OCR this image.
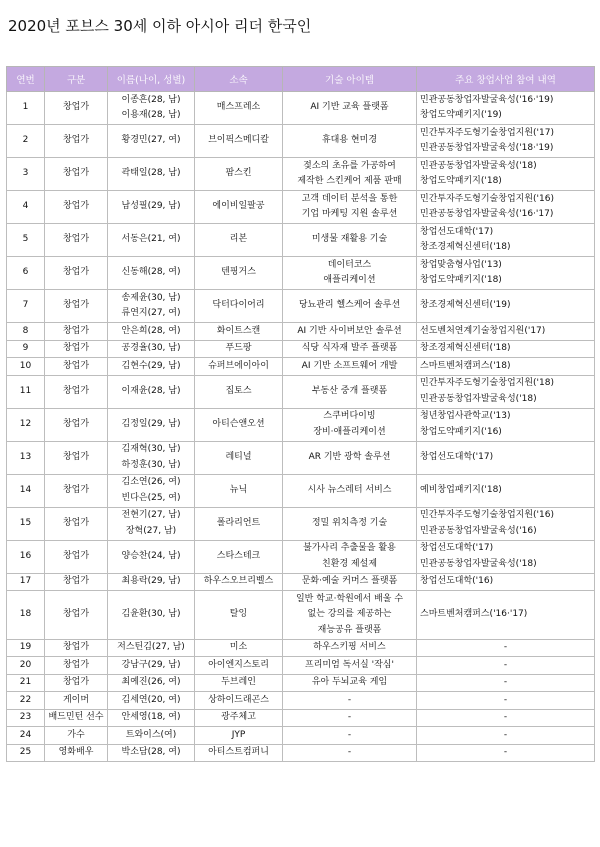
2020년 포브스 30세 이하 아시아 리더 한국인
연번	구분	이름(나이, 성별)	소속	기술 아이템	주요 창업사업 참여 내역
1	창업가	이종흔(28, 남)
이용재(28, 남)	매스프레소	AI 기반 교육 플랫폼	민관공동창업자발굴육성('16·'19)
창업도약패키지('19)

2	창업가	황경민(27, 여)	브이픽스메디칼	휴대용 현미경	민간투자주도형기술창업지원('17)
민관공동창업자발굴육성('18·'19)

3	창업가	곽태일(28, 남)	팜스킨	젖소의 초유를 가공하여
제작한 스킨케어 제품 판매	민관공동창업자발굴육성('18)
창업도약패키지('18)

4	창업가	남성필(29, 남)	에이비일팔공	고객 데이터 분석을 통한
기업 마케팅 지원 솔루션	민간투자주도형기술창업지원('16)
민관공동창업자발굴육성('16·'17)

5	창업가	서동은(21, 여)	리본	미생물 재활용 기술	창업선도대학('17)
창조경제혁신센터('18)

6	창업가	신동해(28, 여)	텐핑거스	데이터코스
애플리케이션	창업맞춤형사업('13)
창업도약패키지('18)

7	창업가	송제윤(30, 남)
류연지(27, 여)	닥터다이어리	당뇨관리 헬스케어 솔루션	창조경제혁신센터('19)

8	창업가	안은희(28, 여)	화이트스캔	AI 기반 사이버보안 솔루션	선도벤처연계기술창업지원('17)

9	창업가	공경율(30, 남)	푸드팡	식당 식자재 발주 플랫폼	창조경제혁신센터('18)

10	창업가	김현수(29, 남)	슈퍼브에이아이	AI 기반 소프트웨어 개발	스마트벤처캠퍼스('18)

11	창업가	이재윤(28, 남)	집토스	부동산 중개 플랫폼	민간투자주도형기술창업지원('18)
민관공동창업자발굴육성('18)

12	창업가	김정일(29, 남)	아티슨앤오션	스쿠버다이빙
장비·애플리케이션	청년창업사관학교('13)
창업도약패키지('16)

13	창업가	김재혁(30, 남)
하정훈(30, 남)	레티널	AR 기반 광학 솔루션	창업선도대학('17)

14	창업가	김소연(26, 여)
빈다은(25, 여)	뉴닉	시사 뉴스레터 서비스	예비창업패키지('18)

15	창업가	전현기(27, 남)
장혁(27, 남)	폴라리언트	정밀 위치측정 기술	민간투자주도형기술창업지원('16)
민관공동창업자발굴육성('16)

16	창업가	양승찬(24, 남)	스타스테크	불가사리 추출물을 활용
친환경 제설제	창업선도대학('17)
민관공동창업자발굴육성('18)

17	창업가	최용락(29, 남)	하우스오브리벨스	문화·예술 커머스 플랫폼	창업선도대학('16)

18	창업가	김윤환(30, 남)	탈잉	일반 학교·학원에서 배울 수
없는 강의를 제공하는
재능공유 플랫폼	스마트벤처캠퍼스('16·'17)

19	창업가	저스틴김(27, 남)	미소	하우스키핑 서비스	-

20	창업가	강남구(29, 남)	아이엔지스토리	프리미엄 독서실 '작심'	-

21	창업가	최예진(26, 여)	두브레인	유아 두뇌교육 게임	-

22	게이머	김세연(20, 여)	상하이드래곤스	-	-

23	배드민턴 선수	안세영(18, 여)	광주체고	-	-

24	가수	트와이스(여)	JYP	-	-

25	영화배우	박소담(28, 여)	아티스트컴퍼니	-	-
